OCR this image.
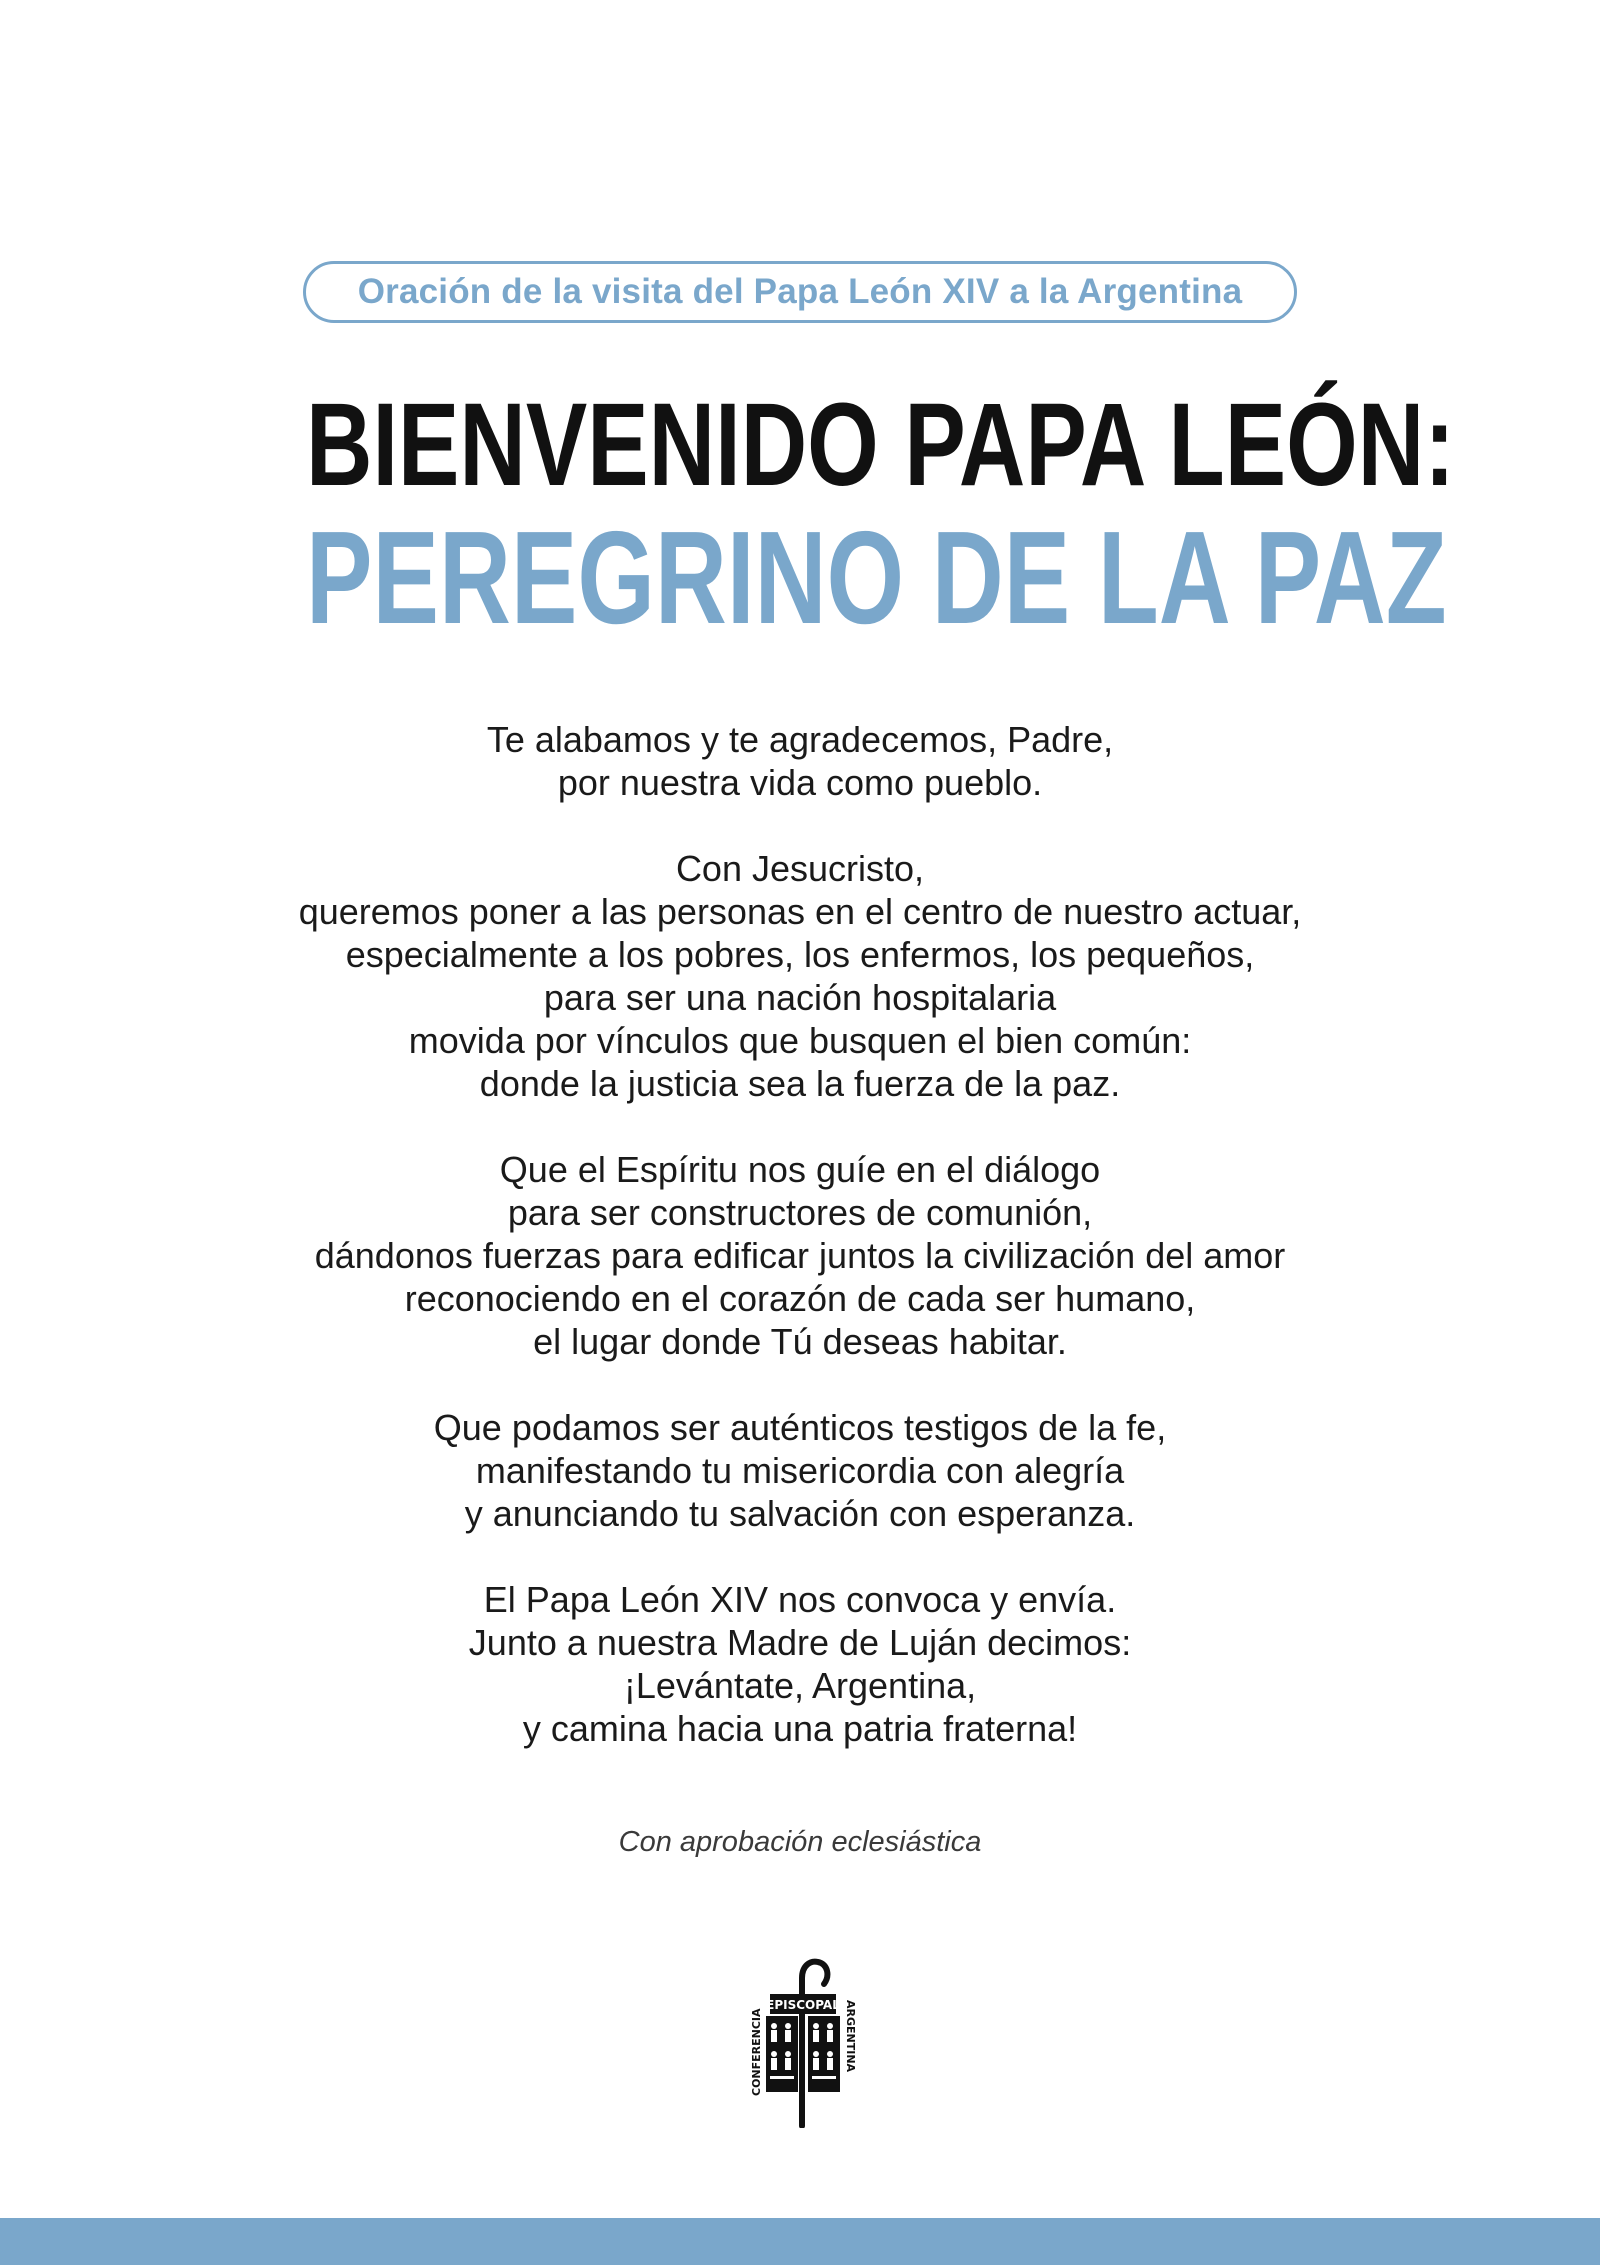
Oración de la visita del Papa León XIV a la Argentina
BIENVENIDO PAPA LEÓN:
PEREGRINO DE LA PAZ

Te alabamos y te agradecemos, Padre,
por nuestra vida como pueblo.

Con Jesucristo,
queremos poner a las personas en el centro de nuestro actuar,
especialmente a los pobres, los enfermos, los pequeños,
para ser una nación hospitalaria
movida por vínculos que busquen el bien común:
donde la justicia sea la fuerza de la paz.

Que el Espíritu nos guíe en el diálogo
para ser constructores de comunión,
dándonos fuerzas para edificar juntos la civilización del amor
reconociendo en el corazón de cada ser humano,
el lugar donde Tú deseas habitar.

Que podamos ser auténticos testigos de la fe,
manifestando tu misericordia con alegría
y anunciando tu salvación con esperanza.

El Papa León XIV nos convoca y envía.
Junto a nuestra Madre de Luján decimos:
¡Levántate, Argentina,
y camina hacia una patria fraterna!

Con aprobación eclesiástica
EPISCOPAL
CONFERENCIA	ARGENTINA
